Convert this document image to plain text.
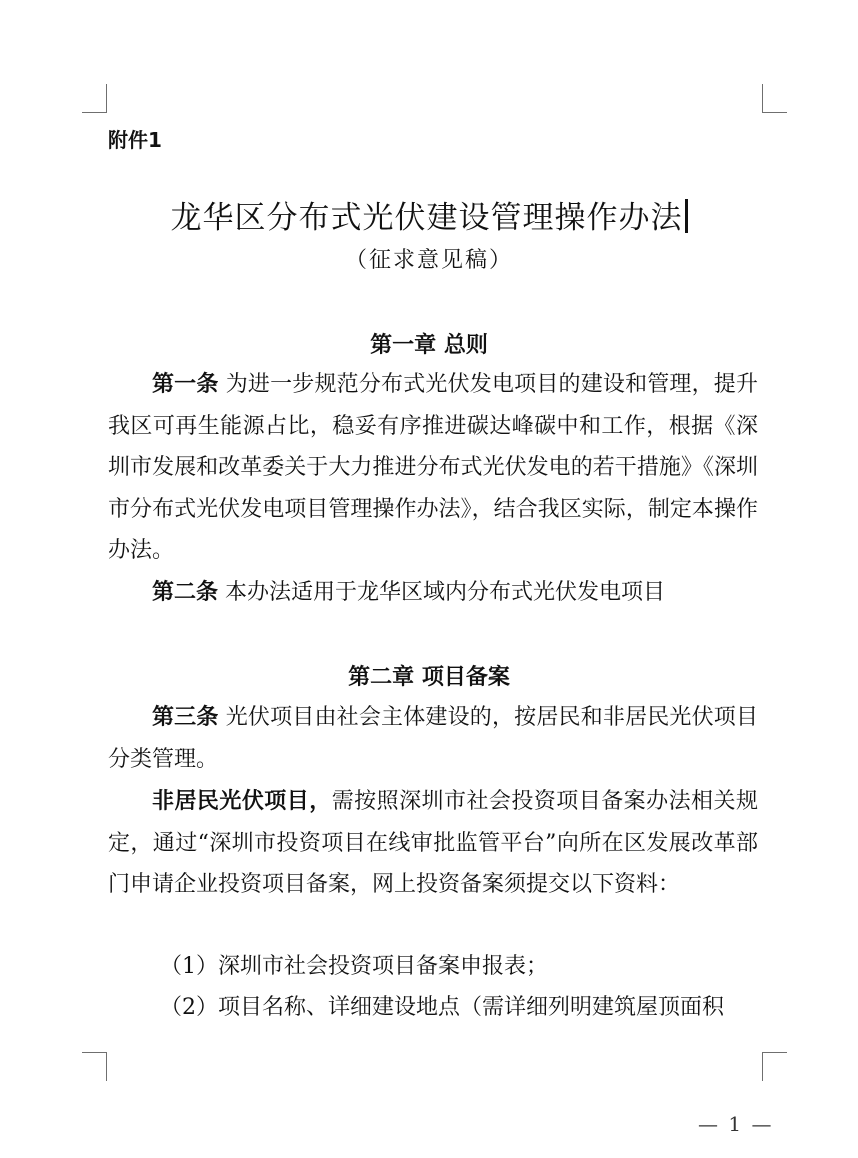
附件1
龙华区分布式光伏建设管理操作办法
（征求意见稿）
第一章 总则

第一条 为进一步规范分布式光伏发电项目的建设和管理，提升我区可再生能源占比，稳妥有序推进碳达峰碳中和工作，根据《深圳市发展和改革委关于大力推进分布式光伏发电的若干措施》《深圳市分布式光伏发电项目管理操作办法》，结合我区实际，制定本操作办法。

第二条 本办法适用于龙华区域内分布式光伏发电项目

第二章 项目备案

第三条 光伏项目由社会主体建设的，按居民和非居民光伏项目分类管理。

非居民光伏项目，需按照深圳市社会投资项目备案办法相关规定，通过“深圳市投资项目在线审批监管平台”向所在区发展改革部门申请企业投资项目备案，网上投资备案须提交以下资料：

（1）深圳市社会投资项目备案申报表；
（2）项目名称、详细建设地点（需详细列明建筑屋顶面积
— 1 —
